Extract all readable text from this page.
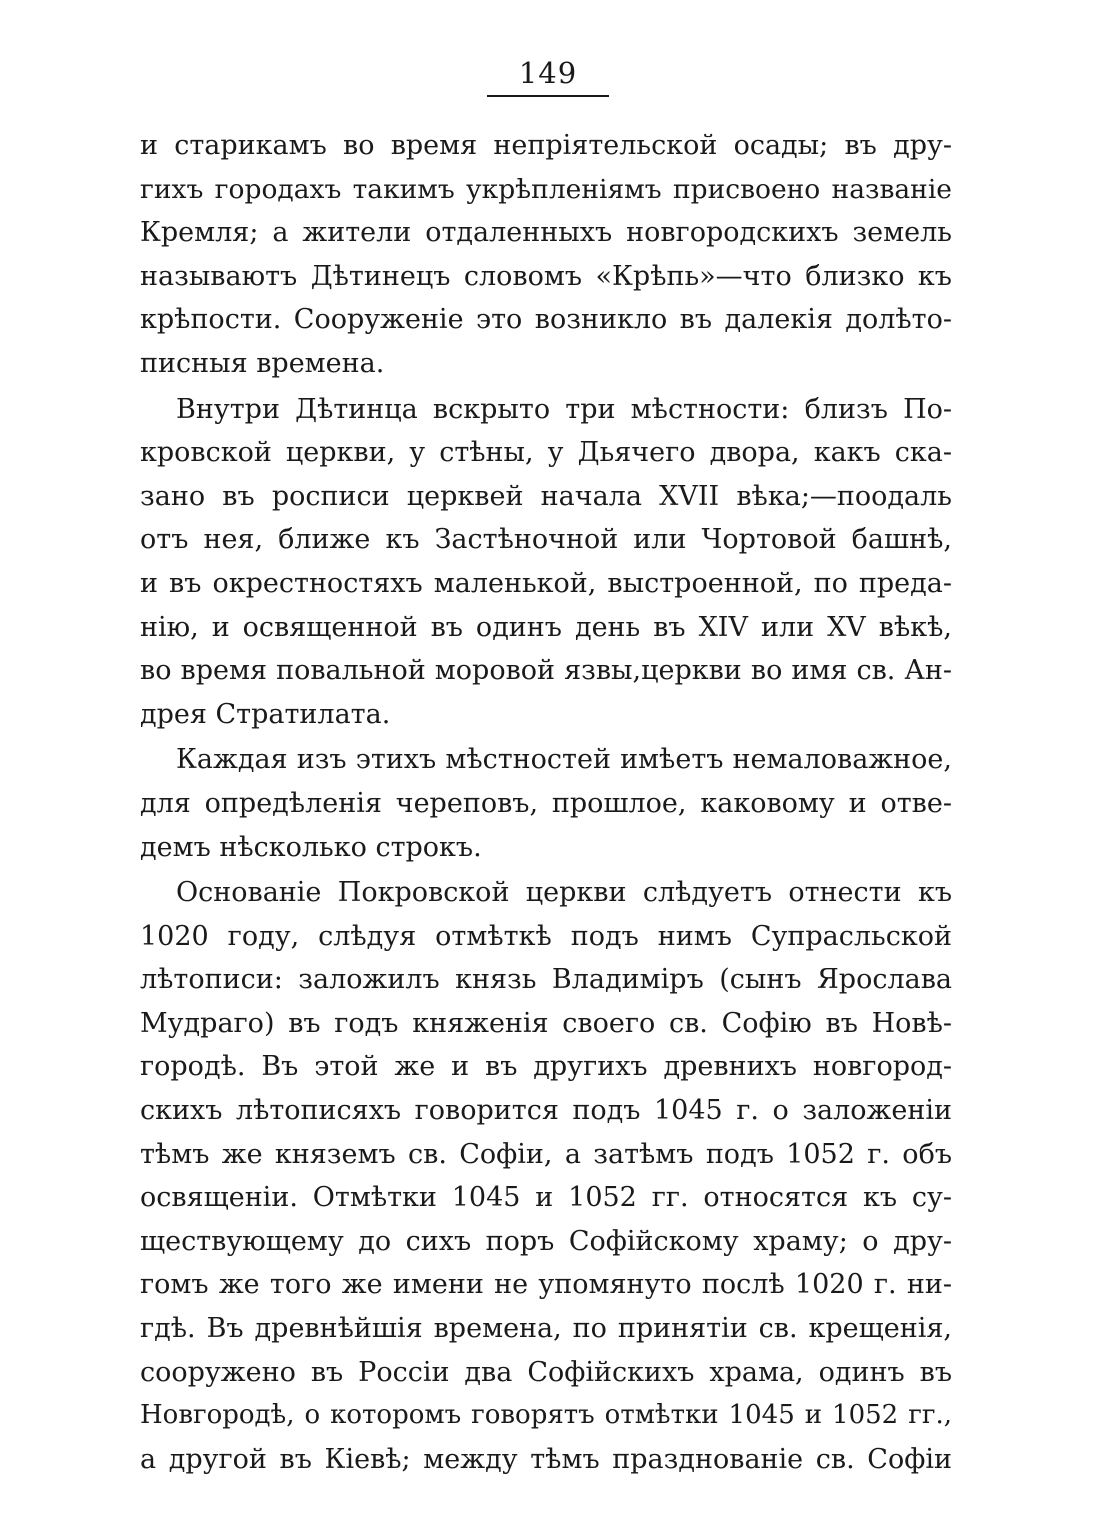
149
и старикамъ во время непріятельской осады; въ дру-
гихъ городахъ такимъ укрѣпленіямъ присвоено названіе
Кремля; а жители отдаленныхъ новгородскихъ земель
называютъ Дѣтинецъ словомъ «Крѣпь»—что близко къ
крѣпости. Сооруженіе это возникло въ далекія долѣто-
писныя времена.
Внутри Дѣтинца вскрыто три мѣстности: близъ По-
кровской церкви, у стѣны, у Дьячего двора, какъ ска-
зано въ росписи церквей начала XVII вѣка;—поодаль
отъ нея, ближе къ Застѣночной или Чортовой башнѣ,
и въ окрестностяхъ маленькой, выстроенной, по преда-
нію, и освященной въ одинъ день въ XIV или XV вѣкѣ,
во время повальной моровой язвы,церкви во имя св. Ан-
дрея Стратилата.
Каждая изъ этихъ мѣстностей имѣетъ немаловажное,
для опредѣленія череповъ, прошлое, каковому и отве-
демъ нѣсколько строкъ.
Основаніе Покровской церкви слѣдуетъ отнести къ
1020 году, слѣдуя отмѣткѣ подъ нимъ Супрасльской
лѣтописи: заложилъ князь Владиміръ (сынъ Ярослава
Мудраго) въ годъ княженія своего св. Софію въ Новѣ-
городѣ. Въ этой же и въ другихъ древнихъ новгород-
скихъ лѣтописяхъ говорится подъ 1045 г. о заложеніи
тѣмъ же княземъ св. Софіи, а затѣмъ подъ 1052 г. объ
освященіи. Отмѣтки 1045 и 1052 гг. относятся къ су-
ществующему до сихъ поръ Софійскому храму; о дру-
гомъ же того же имени не упомянуто послѣ 1020 г. ни-
гдѣ. Въ древнѣйшія времена, по принятіи св. крещенія,
сооружено въ Россіи два Софійскихъ храма, одинъ въ
Новгородѣ, о которомъ говорятъ отмѣтки 1045 и 1052 гг.,
а другой въ Кіевѣ; между тѣмъ празднованіе св. Софіи
